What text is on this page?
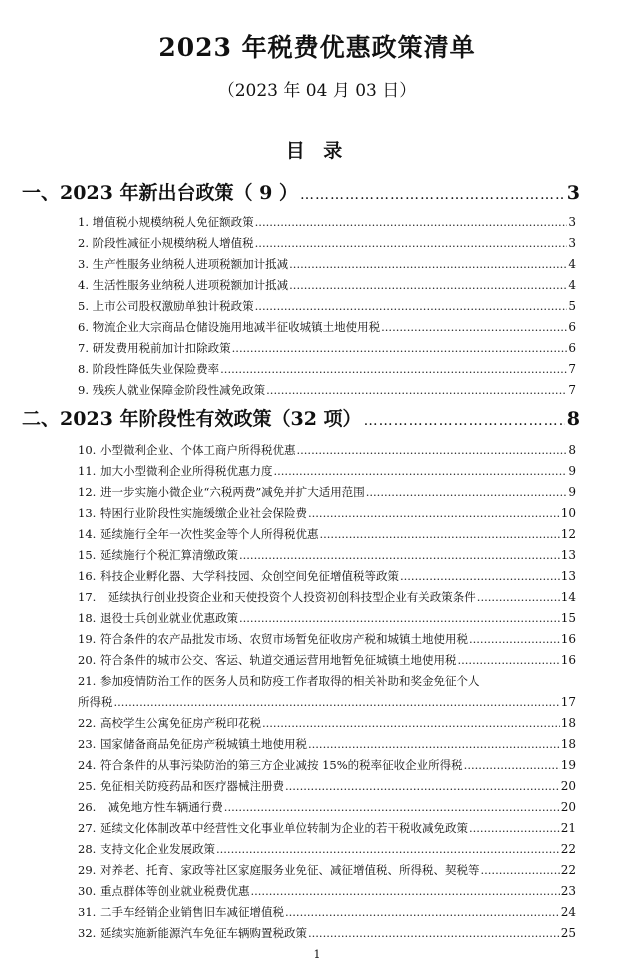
2023 年税费优惠政策清单
（2023 年 04 月 03 日）
目 录
一、2023 年新出台政策（ 9 ） …………………………………………………………………………………………………………………………………………	3
1. 增值税小规模纳税人免征额政策 .....	3
2. 阶段性减征小规模纳税人增值税 .....	3
3. 生产性服务业纳税人进项税额加计抵减 .....	4
4. 生活性服务业纳税人进项税额加计抵减 .....	4
5. 上市公司股权激励单独计税政策 .....	5
6. 物流企业大宗商品仓储设施用地减半征收城镇土地使用税 .....	6
7. 研发费用税前加计扣除政策 .....	6
8. 阶段性降低失业保险费率 .....	7
9. 残疾人就业保障金阶段性减免政策 .....	7
二、2023 年阶段性有效政策（32 项） …………………………………………………………………………………………………………………………………………	8
10. 小型微利企业、个体工商户所得税优惠 .....	8
11. 加大小型微利企业所得税优惠力度 .....	9
12. 进一步实施小微企业“六税两费”减免并扩大适用范围 .....	9
13. 特困行业阶段性实施缓缴企业社会保险费 .....	10
14. 延续施行全年一次性奖金等个人所得税优惠 .....	12
15. 延续施行个税汇算清缴政策 .....	13
16. 科技企业孵化器、大学科技园、众创空间免征增值税等政策 .....	13
17.　延续执行创业投资企业和天使投资个人投资初创科技型企业有关政策条件 .....	14
18. 退役士兵创业就业优惠政策 .....	15
19. 符合条件的农产品批发市场、农贸市场暂免征收房产税和城镇土地使用税 .....	16
20. 符合条件的城市公交、客运、轨道交通运营用地暂免征城镇土地使用税 .....	16
21. 参加疫情防治工作的医务人员和防疫工作者取得的相关补助和奖金免征个人
所得税 .....	17
22. 高校学生公寓免征房产税印花税 .....	18
23. 国家储备商品免征房产税城镇土地使用税 .....	18
24. 符合条件的从事污染防治的第三方企业减按 15%的税率征收企业所得税 .....	19
25. 免征相关防疫药品和医疗器械注册费 .....	20
26.　减免地方性车辆通行费 .....	20
27. 延续文化体制改革中经营性文化事业单位转制为企业的若干税收减免政策 .....	21
28. 支持文化企业发展政策 .....	22
29. 对养老、托育、家政等社区家庭服务业免征、减征增值税、所得税、契税等 .....	22
30. 重点群体等创业就业税费优惠 .....	23
31. 二手车经销企业销售旧车减征增值税 .....	24
32. 延续实施新能源汽车免征车辆购置税政策 .....	25
1
